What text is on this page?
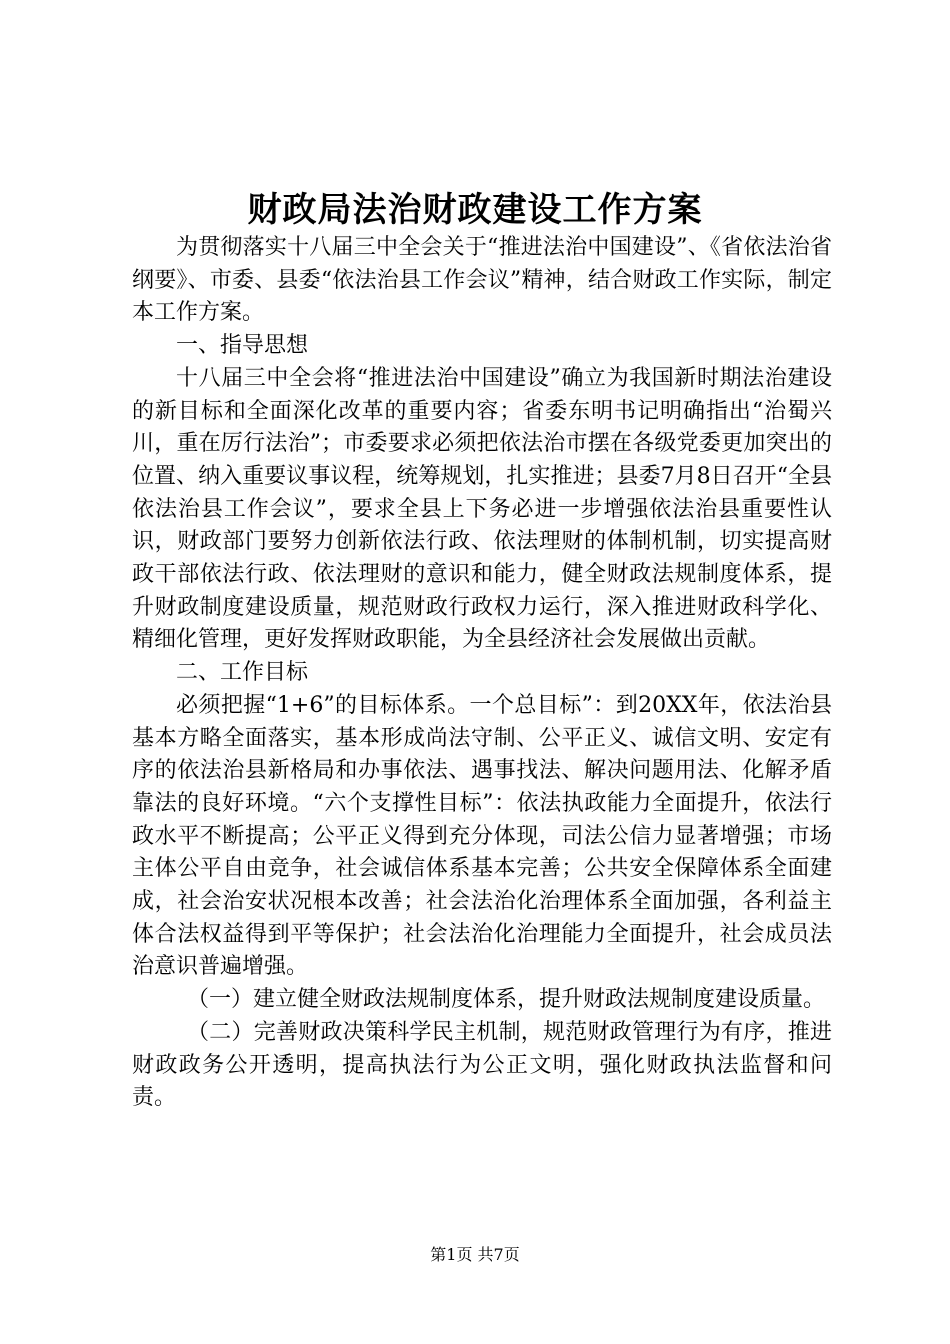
财政局法治财政建设工作方案

为贯彻落实十八届三中全会关于“推进法治中国建设”、《省依法治省纲要》、市委、县委“依法治县工作会议”精神，结合财政工作实际，制定本工作方案。

一、指导思想

十八届三中全会将“推进法治中国建设”确立为我国新时期法治建设的新目标和全面深化改革的重要内容；省委东明书记明确指出“治蜀兴川，重在厉行法治”；市委要求必须把依法治市摆在各级党委更加突出的位置、纳入重要议事议程，统筹规划，扎实推进；县委7月8日召开“全县依法治县工作会议”，要求全县上下务必进一步增强依法治县重要性认识，财政部门要努力创新依法行政、依法理财的体制机制，切实提高财政干部依法行政、依法理财的意识和能力，健全财政法规制度体系，提升财政制度建设质量，规范财政行政权力运行，深入推进财政科学化、精细化管理，更好发挥财政职能，为全县经济社会发展做出贡献。

二、工作目标

必须把握“1+6”的目标体系。一个总目标”：到20XX年，依法治县基本方略全面落实，基本形成尚法守制、公平正义、诚信文明、安定有序的依法治县新格局和办事依法、遇事找法、解决问题用法、化解矛盾靠法的良好环境。“六个支撑性目标”：依法执政能力全面提升，依法行政水平不断提高；公平正义得到充分体现，司法公信力显著增强；市场主体公平自由竞争，社会诚信体系基本完善；公共安全保障体系全面建成，社会治安状况根本改善；社会法治化治理体系全面加强，各利益主体合法权益得到平等保护；社会法治化治理能力全面提升，社会成员法治意识普遍增强。

（一）建立健全财政法规制度体系，提升财政法规制度建设质量。

（二）完善财政决策科学民主机制，规范财政管理行为有序，推进财政政务公开透明，提高执法行为公正文明，强化财政执法监督和问责。

第1页 共7页
